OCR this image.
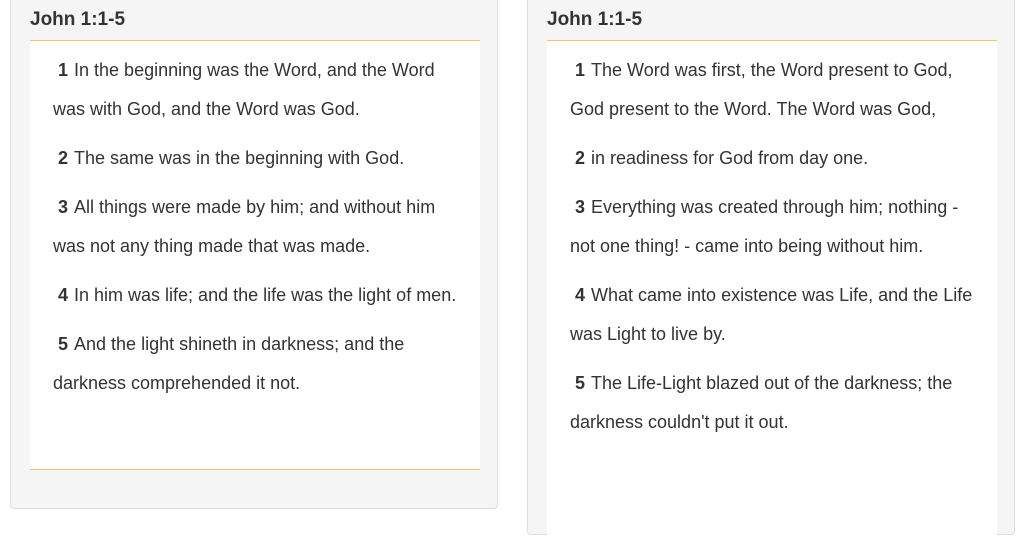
John 1:1-5

1 In the beginning was the Word, and the Word was with God, and the Word was God.

2 The same was in the beginning with God.

3 All things were made by him; and without him was not any thing made that was made.

4 In him was life; and the life was the light of men.

5 And the light shineth in darkness; and the darkness comprehended it not.

John 1:1-5

1 The Word was first, the Word present to God, God present to the Word. The Word was God,

2 in readiness for God from day one.

3 Everything was created through him; nothing - not one thing! - came into being without him.

4 What came into existence was Life, and the Life was Light to live by.

5 The Life-Light blazed out of the darkness; the darkness couldn't put it out.
